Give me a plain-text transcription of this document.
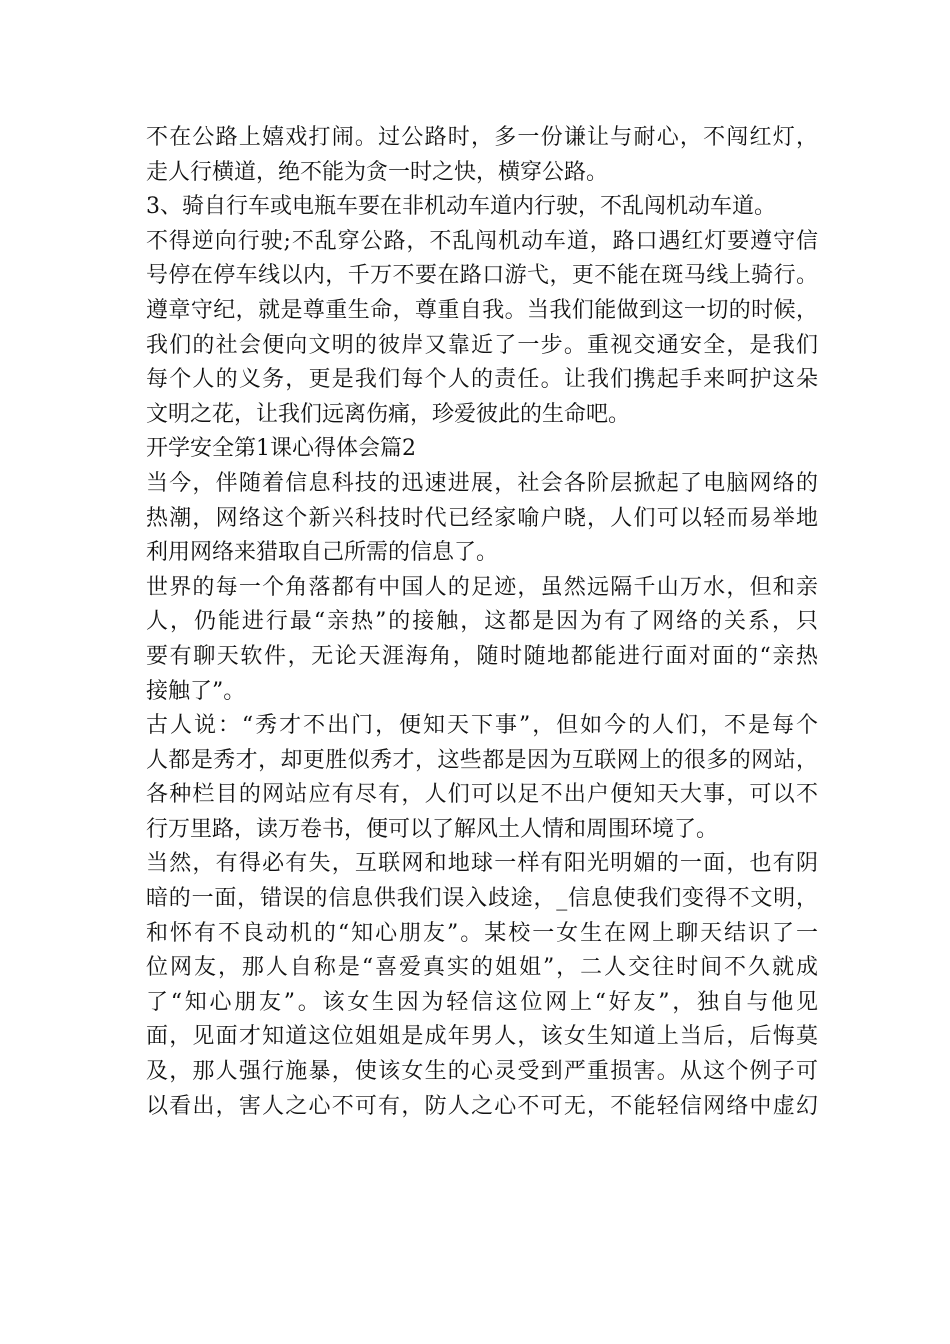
不在公路上嬉戏打闹。过公路时，多一份谦让与耐心，不闯红灯，
走人行横道，绝不能为贪一时之快，横穿公路。
3、骑自行车或电瓶车要在非机动车道内行驶，不乱闯机动车道。
不得逆向行驶;不乱穿公路，不乱闯机动车道，路口遇红灯要遵守信
号停在停车线以内，千万不要在路口游弋，更不能在斑马线上骑行。
遵章守纪，就是尊重生命，尊重自我。当我们能做到这一切的时候，
我们的社会便向文明的彼岸又靠近了一步。重视交通安全，是我们
每个人的义务，更是我们每个人的责任。让我们携起手来呵护这朵
文明之花，让我们远离伤痛，珍爱彼此的生命吧。
开学安全第1课心得体会篇2
当今，伴随着信息科技的迅速进展，社会各阶层掀起了电脑网络的
热潮，网络这个新兴科技时代已经家喻户晓，人们可以轻而易举地
利用网络来猎取自己所需的信息了。
世界的每一个角落都有中国人的足迹，虽然远隔千山万水，但和亲
人，仍能进行最“亲热”的接触，这都是因为有了网络的关系，只
要有聊天软件，无论天涯海角，随时随地都能进行面对面的“亲热
接触了”。
古人说：“秀才不出门，便知天下事”，但如今的人们，不是每个
人都是秀才，却更胜似秀才，这些都是因为互联网上的很多的网站，
各种栏目的网站应有尽有，人们可以足不出户便知天大事，可以不
行万里路，读万卷书，便可以了解风土人情和周围环境了。
当然，有得必有失，互联网和地球一样有阳光明媚的一面，也有阴
暗的一面，错误的信息供我们误入歧途，_信息使我们变得不文明，
和怀有不良动机的“知心朋友”。某校一女生在网上聊天结识了一
位网友，那人自称是“喜爱真实的姐姐”，二人交往时间不久就成
了“知心朋友”。该女生因为轻信这位网上“好友”，独自与他见
面，见面才知道这位姐姐是成年男人，该女生知道上当后，后悔莫
及，那人强行施暴，使该女生的心灵受到严重损害。从这个例子可
以看出，害人之心不可有，防人之心不可无，不能轻信网络中虚幻
